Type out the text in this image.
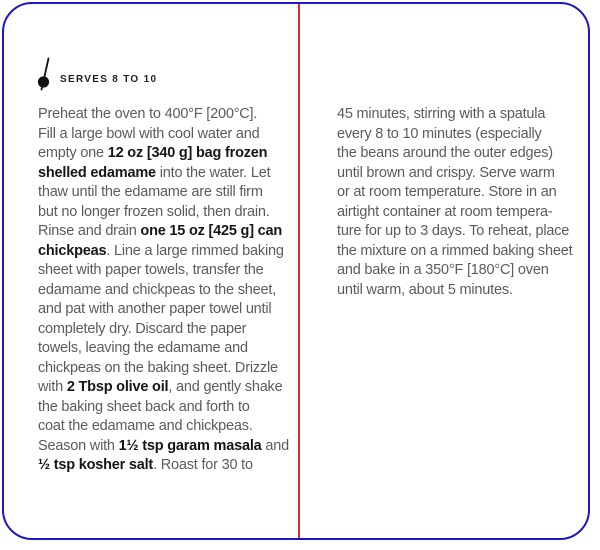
SERVES 8 TO 10
Preheat the oven to 400°F [200°C].
Fill a large bowl with cool water and
empty one 12 oz [340 g] bag frozen
shelled edamame into the water. Let
thaw until the edamame are still firm
but no longer frozen solid, then drain.
Rinse and drain one 15 oz [425 g] can
chickpeas. Line a large rimmed baking
sheet with paper towels, transfer the
edamame and chickpeas to the sheet,
and pat with another paper towel until
completely dry. Discard the paper
towels, leaving the edamame and
chickpeas on the baking sheet. Drizzle
with 2 Tbsp olive oil, and gently shake
the baking sheet back and forth to
coat the edamame and chickpeas.
Season with 1½ tsp garam masala and
½ tsp kosher salt. Roast for 30 to
45 minutes, stirring with a spatula
every 8 to 10 minutes (especially
the beans around the outer edges)
until brown and crispy. Serve warm
or at room temperature. Store in an
airtight container at room tempera-
ture for up to 3 days. To reheat, place
the mixture on a rimmed baking sheet
and bake in a 350°F [180°C] oven
until warm, about 5 minutes.
